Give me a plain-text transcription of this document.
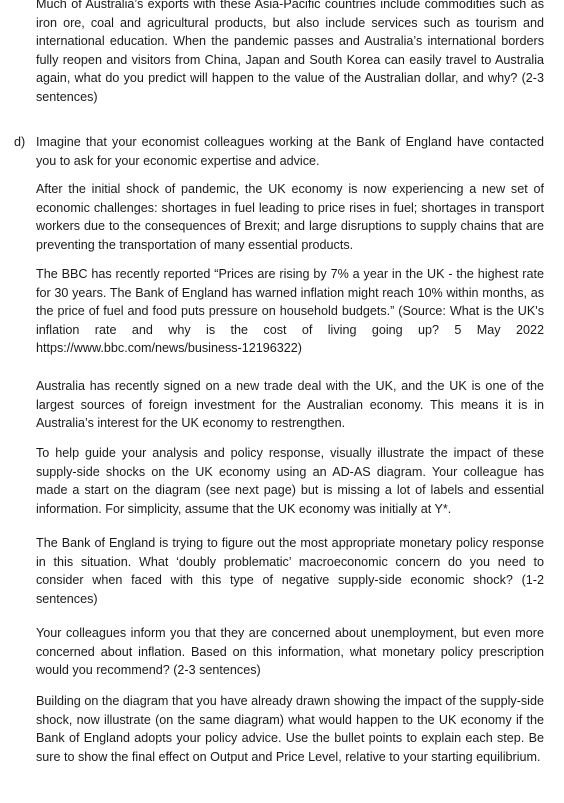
Much of Australia’s exports with these Asia-Pacific countries include commodities such as iron ore, coal and agricultural products, but also include services such as tourism and international education. When the pandemic passes and Australia’s international borders fully reopen and visitors from China, Japan and South Korea can easily travel to Australia again, what do you predict will happen to the value of the Australian dollar, and why? (2-3 sentences)

d) Imagine that your economist colleagues working at the Bank of England have contacted you to ask for your economic expertise and advice.

After the initial shock of pandemic, the UK economy is now experiencing a new set of economic challenges: shortages in fuel leading to price rises in fuel; shortages in transport workers due to the consequences of Brexit; and large disruptions to supply chains that are preventing the transportation of many essential products.

The BBC has recently reported “Prices are rising by 7% a year in the UK - the highest rate for 30 years. The Bank of England has warned inflation might reach 10% within months, as the price of fuel and food puts pressure on household budgets.” (Source: What is the UK's inflation rate and why is the cost of living going up? 5 May 2022 https://www.bbc.com/news/business-12196322)

Australia has recently signed on a new trade deal with the UK, and the UK is one of the largest sources of foreign investment for the Australian economy. This means it is in Australia’s interest for the UK economy to restrengthen.

To help guide your analysis and policy response, visually illustrate the impact of these supply-side shocks on the UK economy using an AD-AS diagram. Your colleague has made a start on the diagram (see next page) but is missing a lot of labels and essential information. For simplicity, assume that the UK economy was initially at Y*.

The Bank of England is trying to figure out the most appropriate monetary policy response in this situation. What ‘doubly problematic’ macroeconomic concern do you need to consider when faced with this type of negative supply-side economic shock? (1-2 sentences)

Your colleagues inform you that they are concerned about unemployment, but even more concerned about inflation. Based on this information, what monetary policy prescription would you recommend? (2-3 sentences)

Building on the diagram that you have already drawn showing the impact of the supply-side shock, now illustrate (on the same diagram) what would happen to the UK economy if the Bank of England adopts your policy advice. Use the bullet points to explain each step. Be sure to show the final effect on Output and Price Level, relative to your starting equilibrium.
